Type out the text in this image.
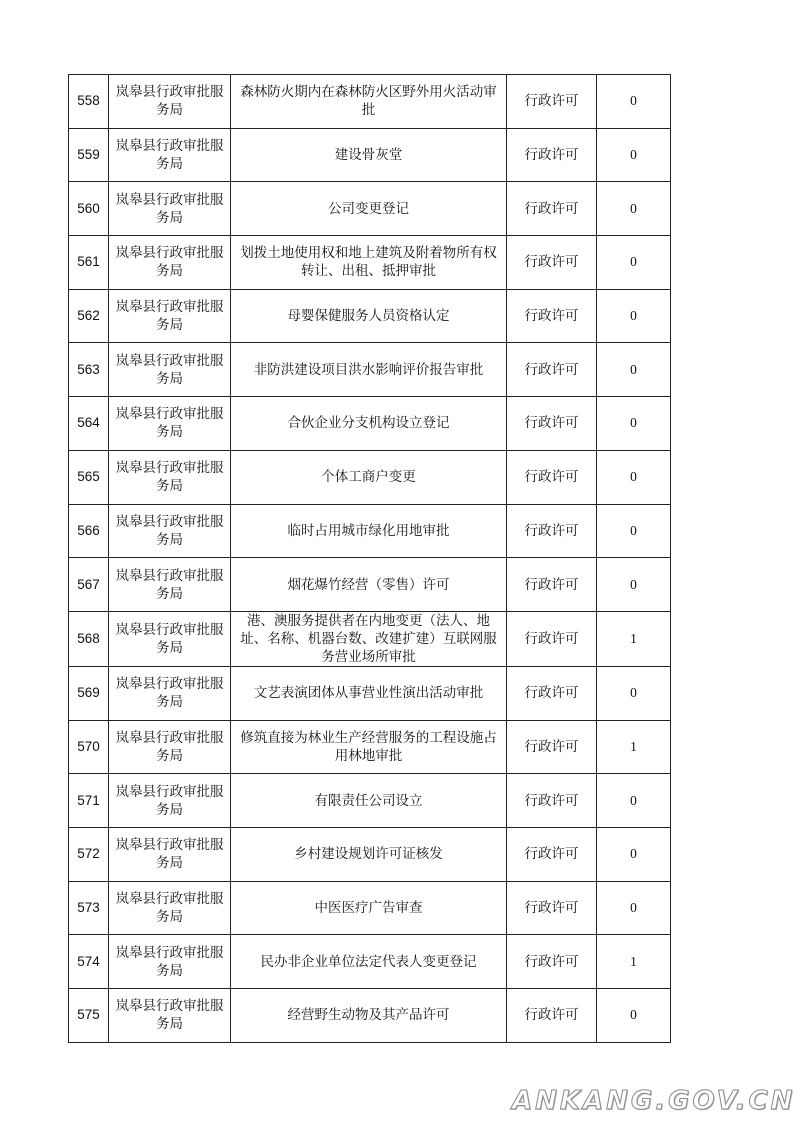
558	岚皋县行政审批服务局	森林防火期内在森林防火区野外用火活动审批	行政许可	0
559	岚皋县行政审批服务局	建设骨灰堂	行政许可	0
560	岚皋县行政审批服务局	公司变更登记	行政许可	0
561	岚皋县行政审批服务局	划拨土地使用权和地上建筑及附着物所有权转让、出租、抵押审批	行政许可	0
562	岚皋县行政审批服务局	母婴保健服务人员资格认定	行政许可	0
563	岚皋县行政审批服务局	非防洪建设项目洪水影响评价报告审批	行政许可	0
564	岚皋县行政审批服务局	合伙企业分支机构设立登记	行政许可	0
565	岚皋县行政审批服务局	个体工商户变更	行政许可	0
566	岚皋县行政审批服务局	临时占用城市绿化用地审批	行政许可	0
567	岚皋县行政审批服务局	烟花爆竹经营（零售）许可	行政许可	0
568	岚皋县行政审批服务局	港、澳服务提供者在内地变更（法人、地址、名称、机器台数、改建扩建）互联网服务营业场所审批	行政许可	1
569	岚皋县行政审批服务局	文艺表演团体从事营业性演出活动审批	行政许可	0
570	岚皋县行政审批服务局	修筑直接为林业生产经营服务的工程设施占用林地审批	行政许可	1
571	岚皋县行政审批服务局	有限责任公司设立	行政许可	0
572	岚皋县行政审批服务局	乡村建设规划许可证核发	行政许可	0
573	岚皋县行政审批服务局	中医医疗广告审查	行政许可	0
574	岚皋县行政审批服务局	民办非企业单位法定代表人变更登记	行政许可	1
575	岚皋县行政审批服务局	经营野生动物及其产品许可	行政许可	0
ANKANG.GOV.CN
